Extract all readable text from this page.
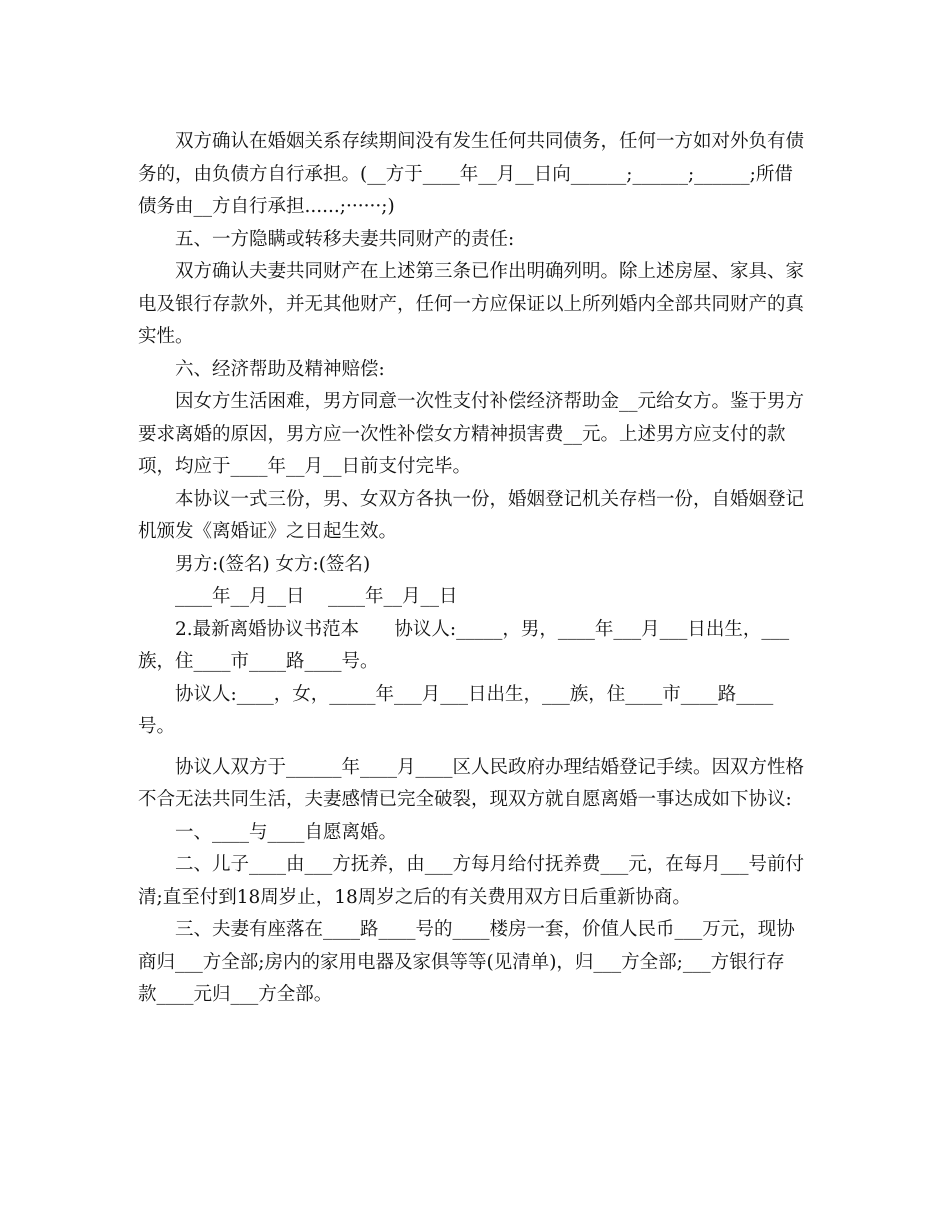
双方确认在婚姻关系存续期间没有发生任何共同债务，任何一方如对外负有债
务的，由负债方自行承担。(__方于____年__月__日向______;______;______;所借
债务由__方自行承担......;······;)
五、一方隐瞒或转移夫妻共同财产的责任:
双方确认夫妻共同财产在上述第三条已作出明确列明。除上述房屋、家具、家
电及银行存款外，并无其他财产，任何一方应保证以上所列婚内全部共同财产的真
实性。
六、经济帮助及精神赔偿:
因女方生活困难，男方同意一次性支付补偿经济帮助金__元给女方。鉴于男方
要求离婚的原因，男方应一次性补偿女方精神损害费__元。上述男方应支付的款
项，均应于____年__月__日前支付完毕。
本协议一式三份，男、女双方各执一份，婚姻登记机关存档一份，自婚姻登记
机颁发《离婚证》之日起生效。
男方:(签名) 女方:(签名)
____年__月__日    ____年__月__日
2.最新离婚协议书范本      协议人:_____，男，____年___月___日出生，___
族，住____市____路____号。
协议人:____，女，_____年___月___日出生，___族，住____市____路____
号。
协议人双方于______年____月____区人民政府办理结婚登记手续。因双方性格
不合无法共同生活，夫妻感情已完全破裂，现双方就自愿离婚一事达成如下协议:
一、____与____自愿离婚。
二、儿子____由___方抚养，由___方每月给付抚养费___元，在每月___号前付
清;直至付到18周岁止，18周岁之后的有关费用双方日后重新协商。
三、夫妻有座落在____路____号的____楼房一套，价值人民币___万元，现协
商归___方全部;房内的家用电器及家俱等等(见清单)，归___方全部;___方银行存
款____元归___方全部。
